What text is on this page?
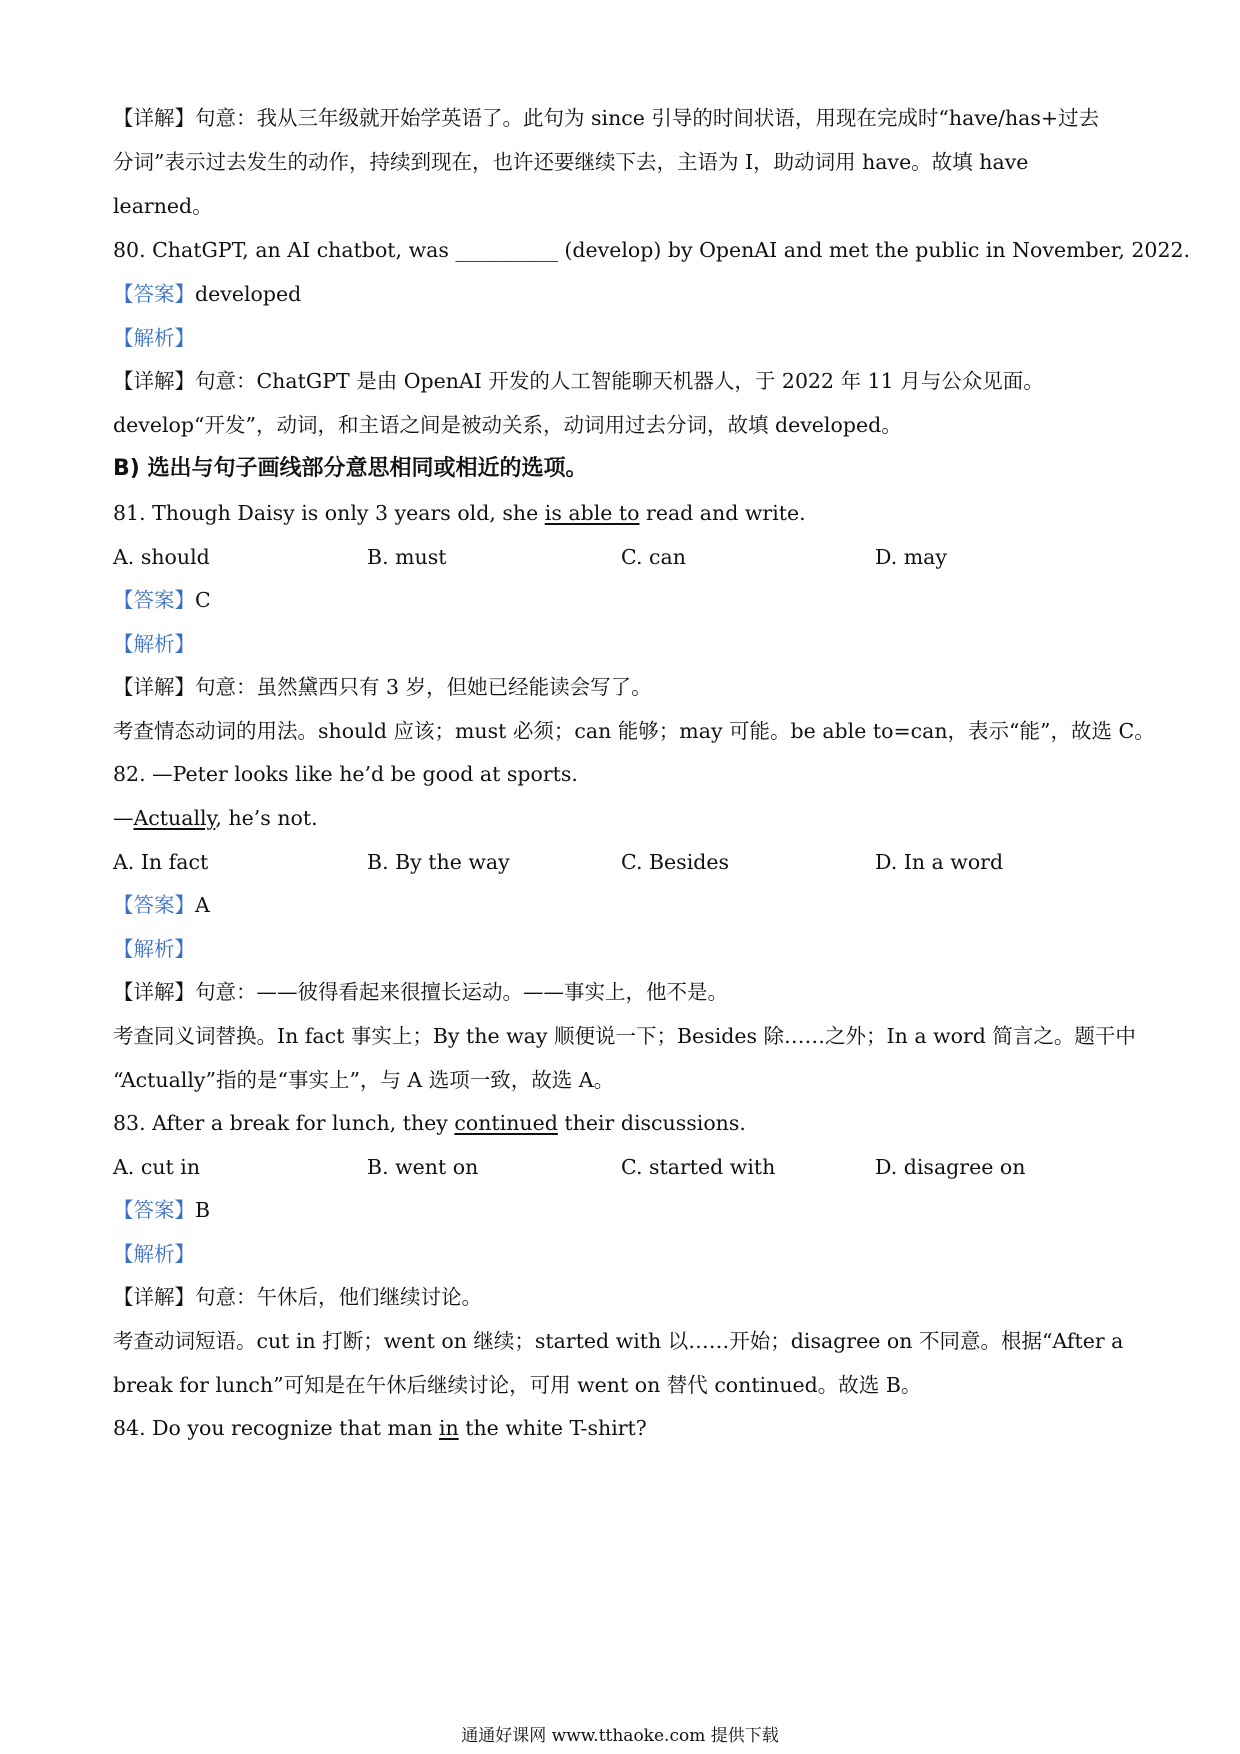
【详解】句意：我从三年级就开始学英语了。此句为 since 引导的时间状语，用现在完成时“have/has+过去
分词”表示过去发生的动作，持续到现在，也许还要继续下去，主语为 I，助动词用 have。故填 have
learned。
80. ChatGPT, an AI chatbot, was __________ (develop) by OpenAI and met the public in November, 2022.
【答案】developed
【解析】
【详解】句意：ChatGPT 是由 OpenAI 开发的人工智能聊天机器人，于 2022 年 11 月与公众见面。
develop“开发”，动词，和主语之间是被动关系，动词用过去分词，故填 developed。
B) 选出与句子画线部分意思相同或相近的选项。
81. Though Daisy is only 3 years old, she is able to read and write.
A. should	B. must	C. can	D. may
【答案】C
【解析】
【详解】句意：虽然黛西只有 3 岁，但她已经能读会写了。
考查情态动词的用法。should 应该；must 必须；can 能够；may 可能。be able to=can，表示“能”，故选 C。
82. —Peter looks like he’d be good at sports.
—Actually, he’s not.
A. In fact	B. By the way	C. Besides	D. In a word
【答案】A
【解析】
【详解】句意：——彼得看起来很擅长运动。——事实上，他不是。
考查同义词替换。In fact 事实上；By the way 顺便说一下；Besides 除……之外；In a word 简言之。题干中
“Actually”指的是“事实上”，与 A 选项一致，故选 A。
83. After a break for lunch, they continued their discussions.
A. cut in	B. went on	C. started with	D. disagree on
【答案】B
【解析】
【详解】句意：午休后，他们继续讨论。
考查动词短语。cut in 打断；went on 继续；started with 以……开始；disagree on 不同意。根据“After a
break for lunch”可知是在午休后继续讨论，可用 went on 替代 continued。故选 B。
84. Do you recognize that man in the white T-shirt?
通通好课网 www.tthaoke.com 提供下载
